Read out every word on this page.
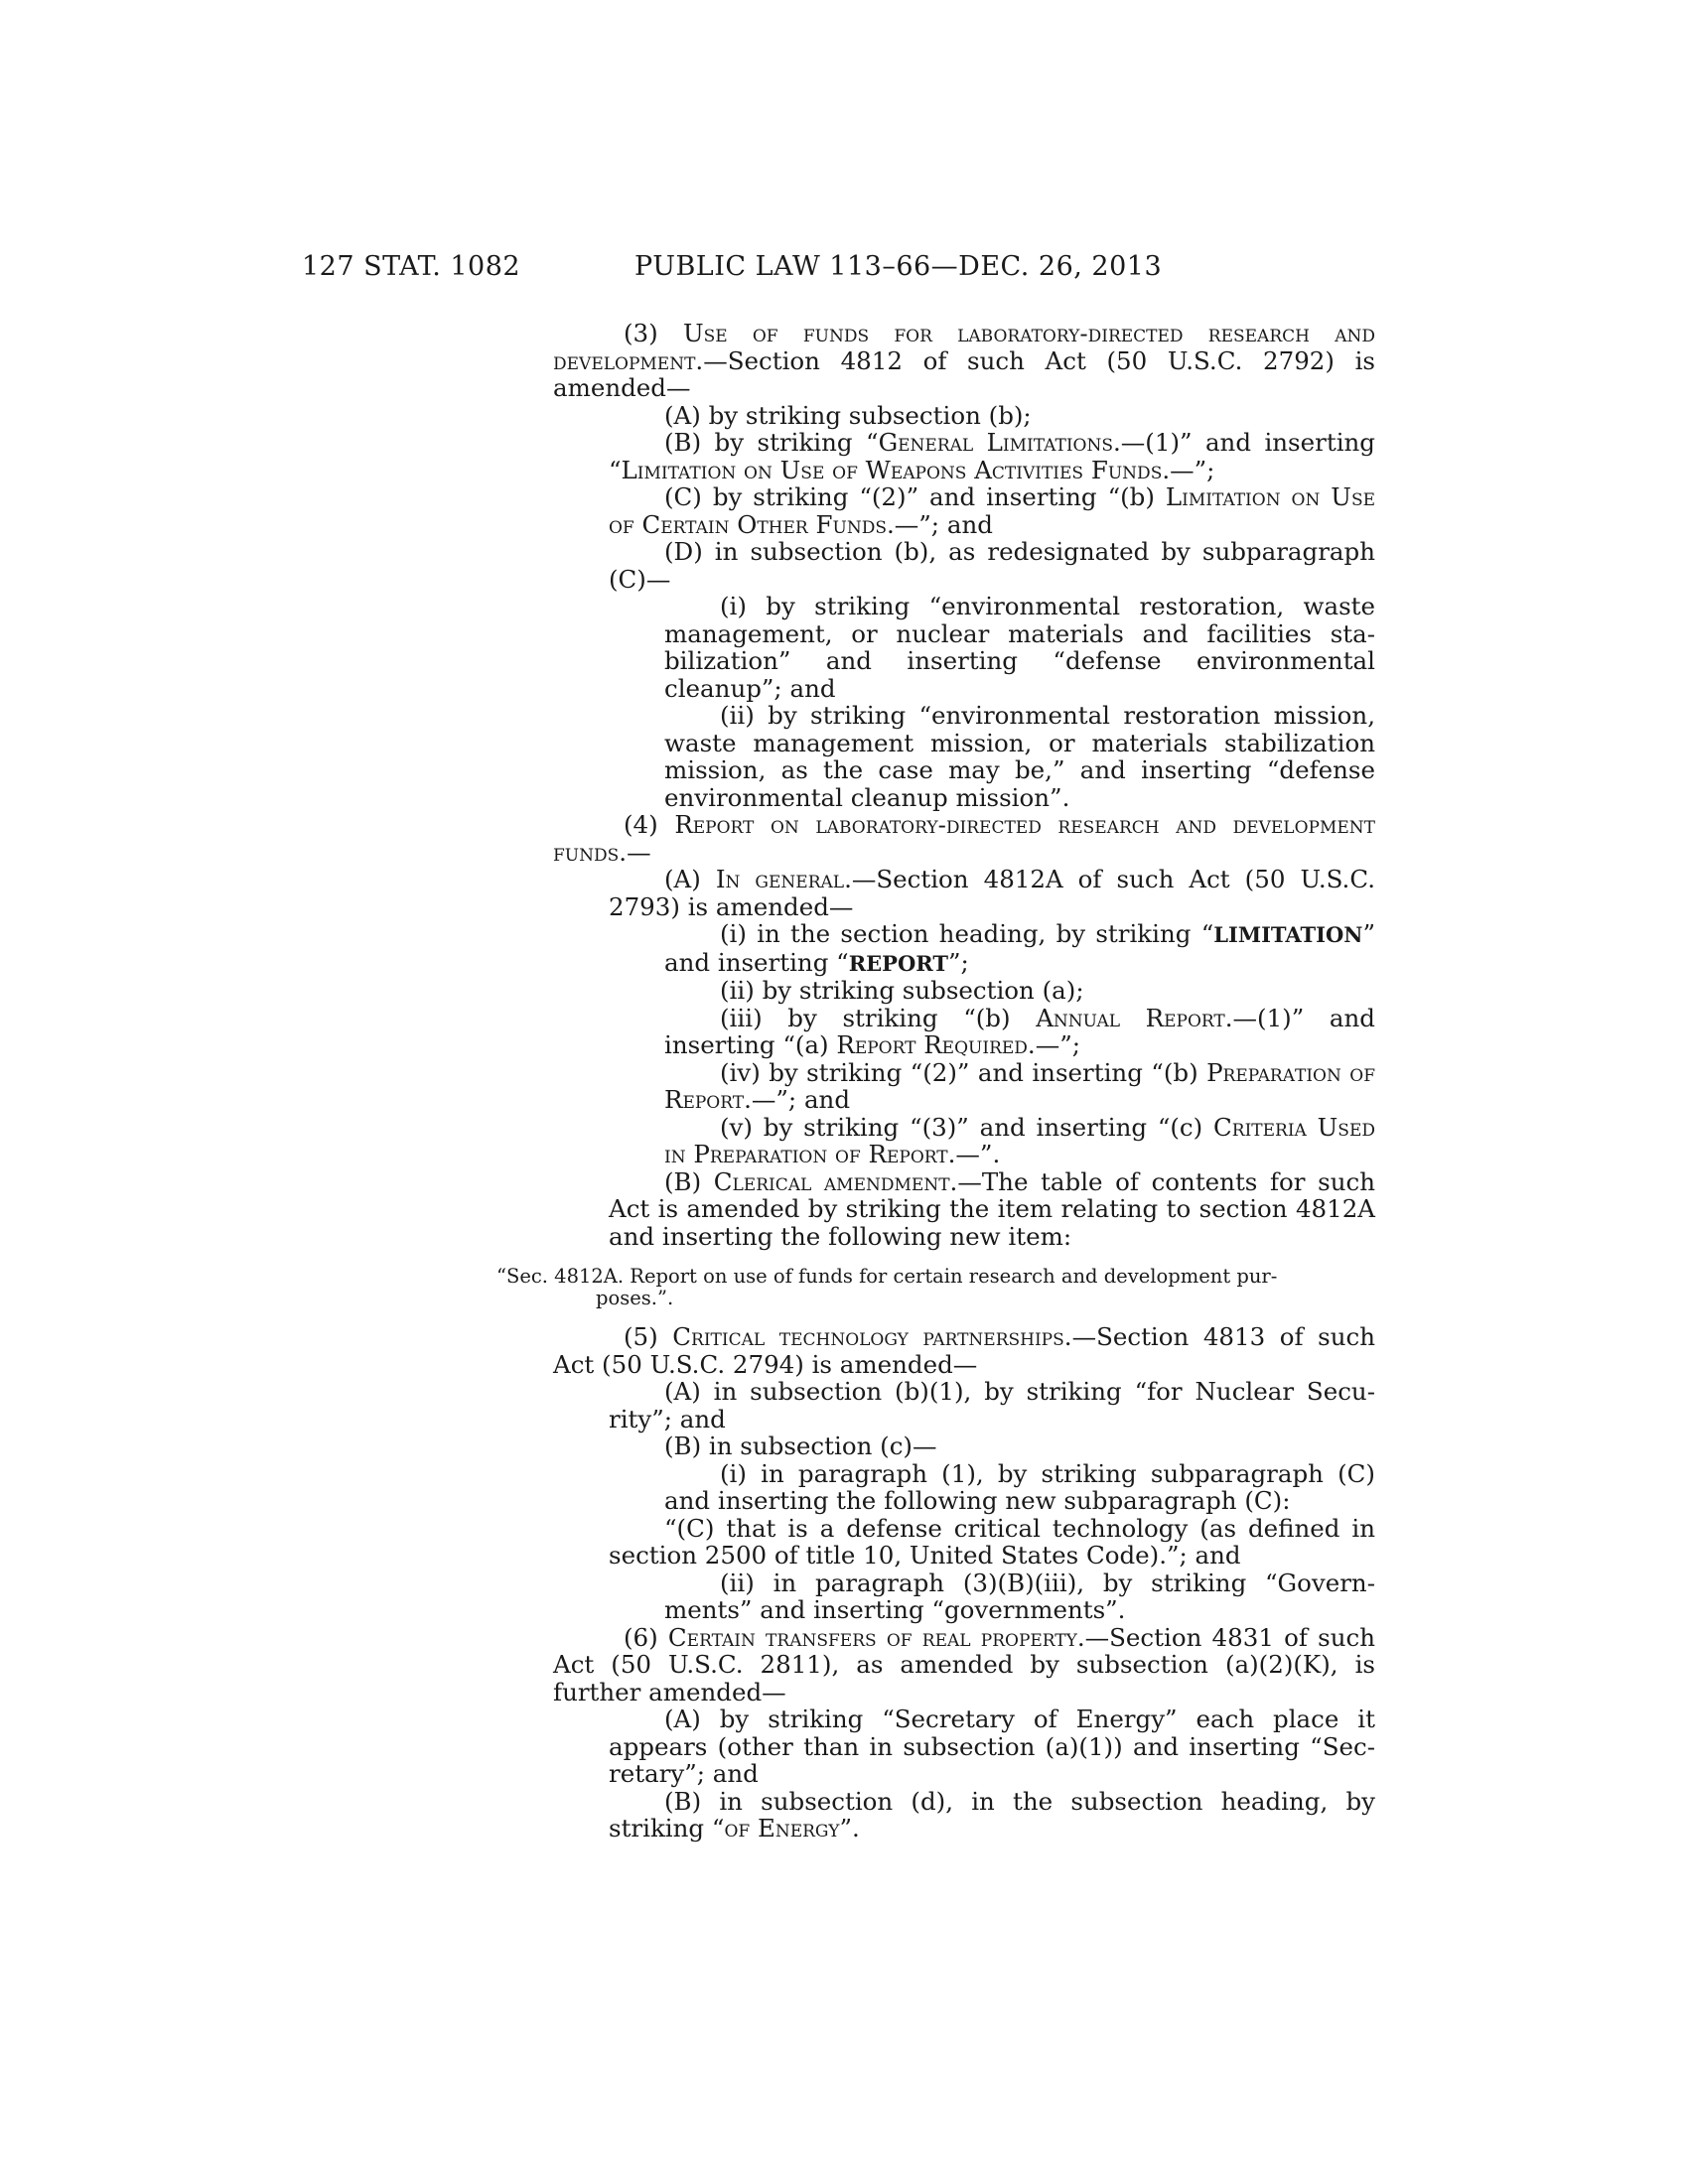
127 STAT. 1082	PUBLIC LAW 113–66—DEC. 26, 2013

(3) Use of funds for laboratory-directed research and development.—Section 4812 of such Act (50 U.S.C. 2792) is amended—

(A) by striking subsection (b);

(B) by striking “General Limitations.—(1)” and inserting “Limitation on Use of Weapons Activities Funds.—”;

(C) by striking “(2)” and inserting “(b) Limitation on Use of Certain Other Funds.—”; and

(D) in subsection (b), as redesignated by subparagraph (C)—

(i) by striking “environmental restoration, waste management, or nuclear materials and facilities stabilization” and inserting “defense environmental cleanup”; and

(ii) by striking “environmental restoration mission, waste management mission, or materials stabilization mission, as the case may be,” and inserting “defense environmental cleanup mission”.

(4) Report on laboratory-directed research and development funds.—

(A) In general.—Section 4812A of such Act (50 U.S.C. 2793) is amended—

(i) in the section heading, by striking “LIMITATION” and inserting “REPORT”;

(ii) by striking subsection (a);

(iii) by striking “(b) Annual Report.—(1)” and inserting “(a) Report Required.—”;

(iv) by striking “(2)” and inserting “(b) Preparation of Report.—”; and

(v) by striking “(3)” and inserting “(c) Criteria Used in Preparation of Report.—”.

(B) Clerical amendment.—The table of contents for such Act is amended by striking the item relating to section 4812A and inserting the following new item:

“Sec. 4812A. Report on use of funds for certain research and development pur-
poses.”.

(5) Critical technology partnerships.—Section 4813 of such Act (50 U.S.C. 2794) is amended—

(A) in subsection (b)(1), by striking “for Nuclear Security”; and

(B) in subsection (c)—

(i) in paragraph (1), by striking subparagraph (C) and inserting the following new subparagraph (C):

“(C) that is a defense critical technology (as defined in section 2500 of title 10, United States Code).”; and

(ii) in paragraph (3)(B)(iii), by striking “Governments” and inserting “governments”.

(6) Certain transfers of real property.—Section 4831 of such Act (50 U.S.C. 2811), as amended by subsection (a)(2)(K), is further amended—

(A) by striking “Secretary of Energy” each place it appears (other than in subsection (a)(1)) and inserting “Secretary”; and

(B) in subsection (d), in the subsection heading, by striking “of Energy”.
